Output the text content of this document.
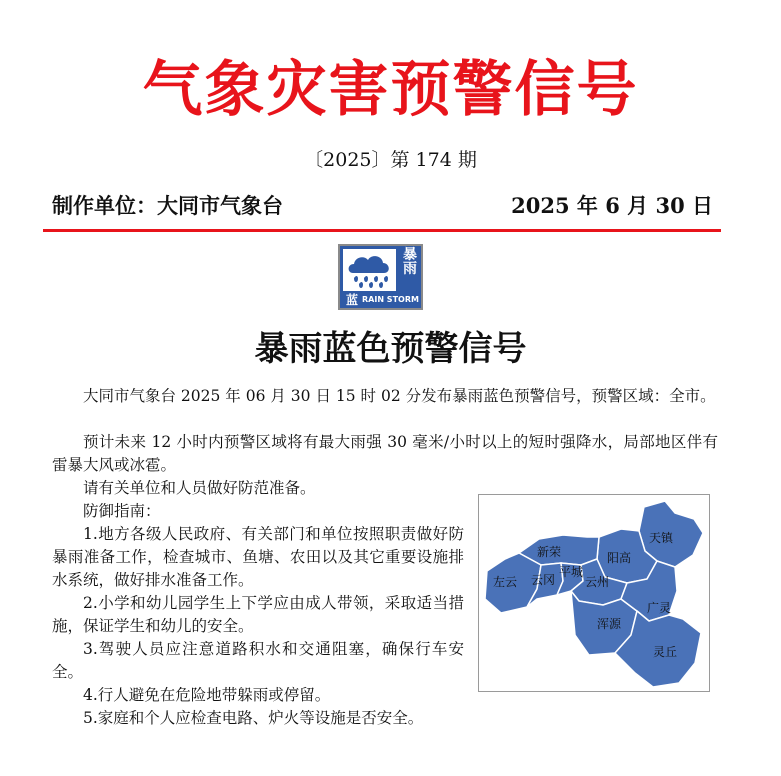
气象灾害预警信号
〔2025〕第 174 期
制作单位：大同市气象台	2025 年 6 月 30 日
暴雨
蓝 RAIN STORM
暴雨蓝色预警信号
大同市气象台 2025 年 06 月 30 日 15 时 02 分发布暴雨蓝色预警信号，预警区域：全市。
预计未来 12 小时内预警区域将有最大雨强 30 毫米/小时以上的短时强降水，局部地区伴有雷暴大风或冰雹。
请有关单位和人员做好防范准备。
防御指南：
1.地方各级人民政府、有关部门和单位按照职责做好防暴雨准备工作，检查城市、鱼塘、农田以及其它重要设施排水系统，做好排水准备工作。
2.小学和幼儿园学生上下学应由成人带领，采取适当措施，保证学生和幼儿的安全。
3.驾驶人员应注意道路积水和交通阻塞，确保行车安全。
4.行人避免在危险地带躲雨或停留。
5.家庭和个人应检查电路、炉火等设施是否安全。
天镇
新荣	阳高
左云 云冈
平城
云州
广灵
浑源
灵丘
